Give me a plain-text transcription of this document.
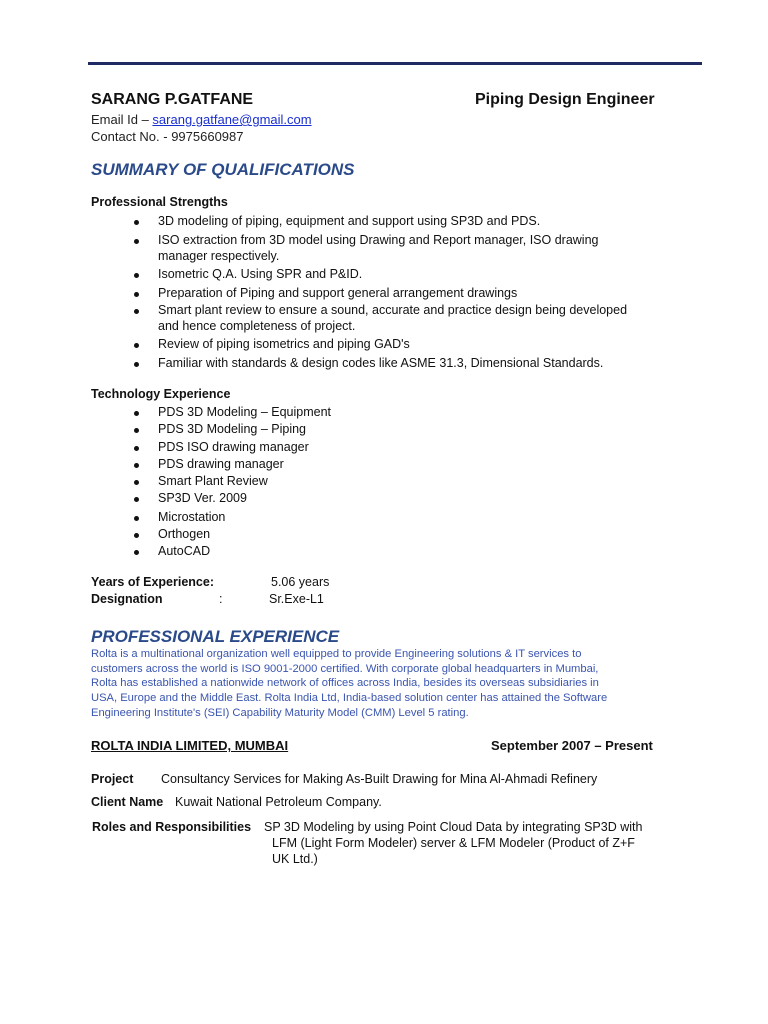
SARANG P.GATFANE	Piping Design Engineer
Email Id – sarang.gatfane@gmail.com
Contact No. - 9975660987
SUMMARY OF QUALIFICATIONS
Professional Strengths
3D modeling of piping, equipment and support using SP3D and PDS.
ISO extraction from 3D model using Drawing and Report manager, ISO drawing
manager respectively.
Isometric Q.A. Using SPR and P&ID.
Preparation of Piping and support general arrangement drawings
Smart plant review to ensure a sound, accurate and practice design being developed
and hence completeness of project.
Review of piping isometrics and piping GAD's
Familiar with standards & design codes like ASME 31.3, Dimensional Standards.
Technology Experience
PDS 3D Modeling – Equipment
PDS 3D Modeling – Piping
PDS ISO drawing manager
PDS drawing manager
Smart Plant Review
SP3D Ver. 2009
Microstation
Orthogen
AutoCAD
Years of Experience:	5.06 years
Designation	:	Sr.Exe-L1
PROFESSIONAL EXPERIENCE
Rolta is a multinational organization well equipped to provide Engineering solutions & IT services to
customers across the world is ISO 9001-2000 certified. With corporate global headquarters in Mumbai,
Rolta has established a nationwide network of offices across India, besides its overseas subsidiaries in
USA, Europe and the Middle East. Rolta India Ltd, India-based solution center has attained the Software
Engineering Institute's (SEI) Capability Maturity Model (CMM) Level 5 rating.
ROLTA INDIA LIMITED, MUMBAI	September 2007 – Present
Project Consultancy Services for Making As-Built Drawing for Mina Al-Ahmadi Refinery
Client Name Kuwait National Petroleum Company.
Roles and Responsibilities SP 3D Modeling by using Point Cloud Data by integrating SP3D with
LFM (Light Form Modeler) server & LFM Modeler (Product of Z+F
UK Ltd.)
